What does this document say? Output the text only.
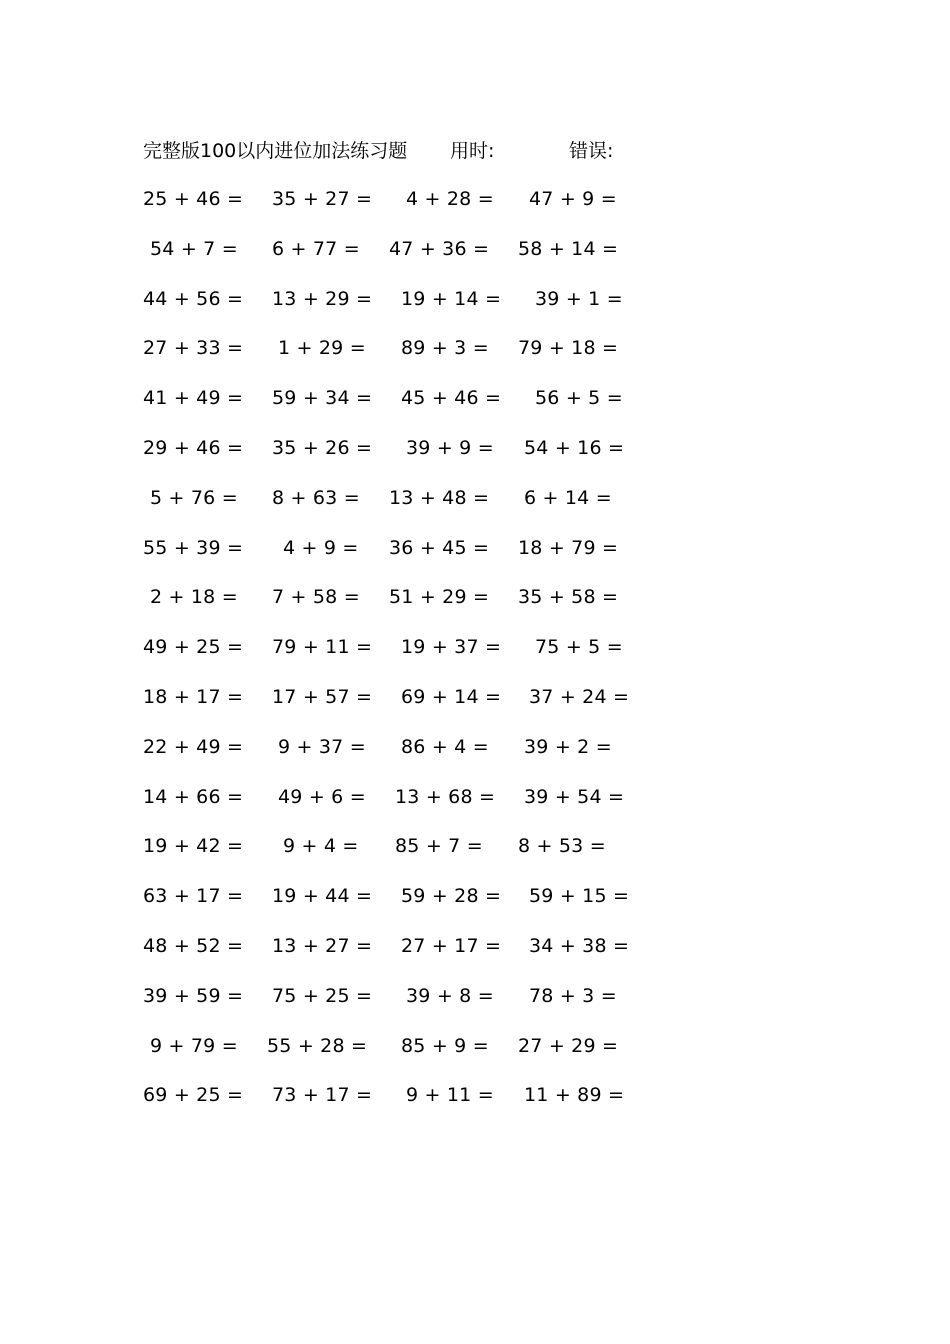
完整版100以内进位加法练习题 用时:	错误:
25 + 46 = 35 + 27 = 4 + 28 = 47 + 9 =
54 + 7 = 6 + 77 = 47 + 36 = 58 + 14 =
44 + 56 = 13 + 29 = 19 + 14 = 39 + 1 =
27 + 33 = 1 + 29 = 89 + 3 = 79 + 18 =
41 + 49 = 59 + 34 = 45 + 46 = 56 + 5 =
29 + 46 = 35 + 26 = 39 + 9 = 54 + 16 =
5 + 76 = 8 + 63 = 13 + 48 = 6 + 14 =
55 + 39 = 4 + 9 = 36 + 45 = 18 + 79 =
2 + 18 = 7 + 58 = 51 + 29 = 35 + 58 =
49 + 25 = 79 + 11 = 19 + 37 = 75 + 5 =
18 + 17 = 17 + 57 = 69 + 14 = 37 + 24 =
22 + 49 = 9 + 37 = 86 + 4 = 39 + 2 =
14 + 66 = 49 + 6 = 13 + 68 = 39 + 54 =
19 + 42 = 9 + 4 = 85 + 7 = 8 + 53 =
63 + 17 = 19 + 44 = 59 + 28 = 59 + 15 =
48 + 52 = 13 + 27 = 27 + 17 = 34 + 38 =
39 + 59 = 75 + 25 = 39 + 8 = 78 + 3 =
9 + 79 = 55 + 28 = 85 + 9 = 27 + 29 =
69 + 25 = 73 + 17 = 9 + 11 = 11 + 89 =
